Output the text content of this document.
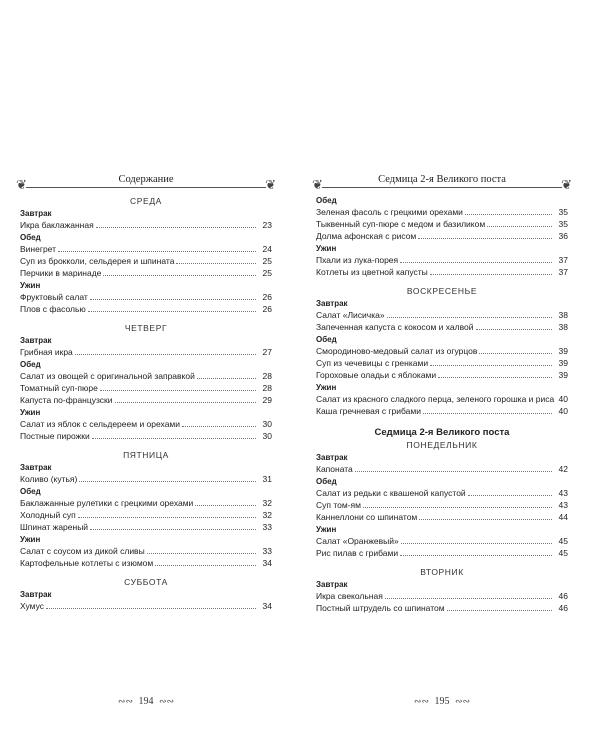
❦	❦
Содержание
СРЕДА
Завтрак
Икра баклажанная	23
Обед
Винегрет	24
Суп из брокколи, сельдерея и шпината	25
Перчики в маринаде	25
Ужин
Фруктовый салат	26
Плов с фасолью	26
ЧЕТВЕРГ
Завтрак
Грибная икра	27
Обед
Салат из овощей с оригинальной заправкой	28
Томатный суп-пюре	28
Капуста по-французски	29
Ужин
Салат из яблок с сельдереем и орехами	30
Постные пирожки	30
ПЯТНИЦА
Завтрак
Коливо (кутья)	31
Обед
Баклажанные рулетики с грецкими орехами	32
Холодный суп	32
Шпинат жареный	33
Ужин
Салат с соусом из дикой сливы	33
Картофельные котлеты с изюмом	34
СУББОТА
Завтрак
Хумус	34
∾∾ 194 ∾∾
❦	❦
Седмица 2-я Великого поста
Обед
Зеленая фасоль с грецкими орехами	35
Тыквенный суп-пюре с медом и базиликом	35
Долма афонская с рисом	36
Ужин
Пхали из лука-порея	37
Котлеты из цветной капусты	37
ВОСКРЕСЕНЬЕ
Завтрак
Салат «Лисичка»	38
Запеченная капуста с кокосом и халвой	38
Обед
Смородиново-медовый салат из огурцов	39
Суп из чечевицы с гренками	39
Гороховые оладьи с яблоками	39
Ужин
Салат из красного сладкого перца, зеленого горошка и риса 40
Каша гречневая с грибами	40
Седмица 2-я Великого поста
ПОНЕДЕЛЬНИК
Завтрак
Капоната	42
Обед
Салат из редьки с квашеной капустой	43
Суп том-ям	43
Каннеллони со шпинатом	44
Ужин
Салат «Оранжевый»	45
Рис пилав с грибами	45
ВТОРНИК
Завтрак
Икра свекольная	46
Постный штрудель со шпинатом	46
∾∾ 195 ∾∾
